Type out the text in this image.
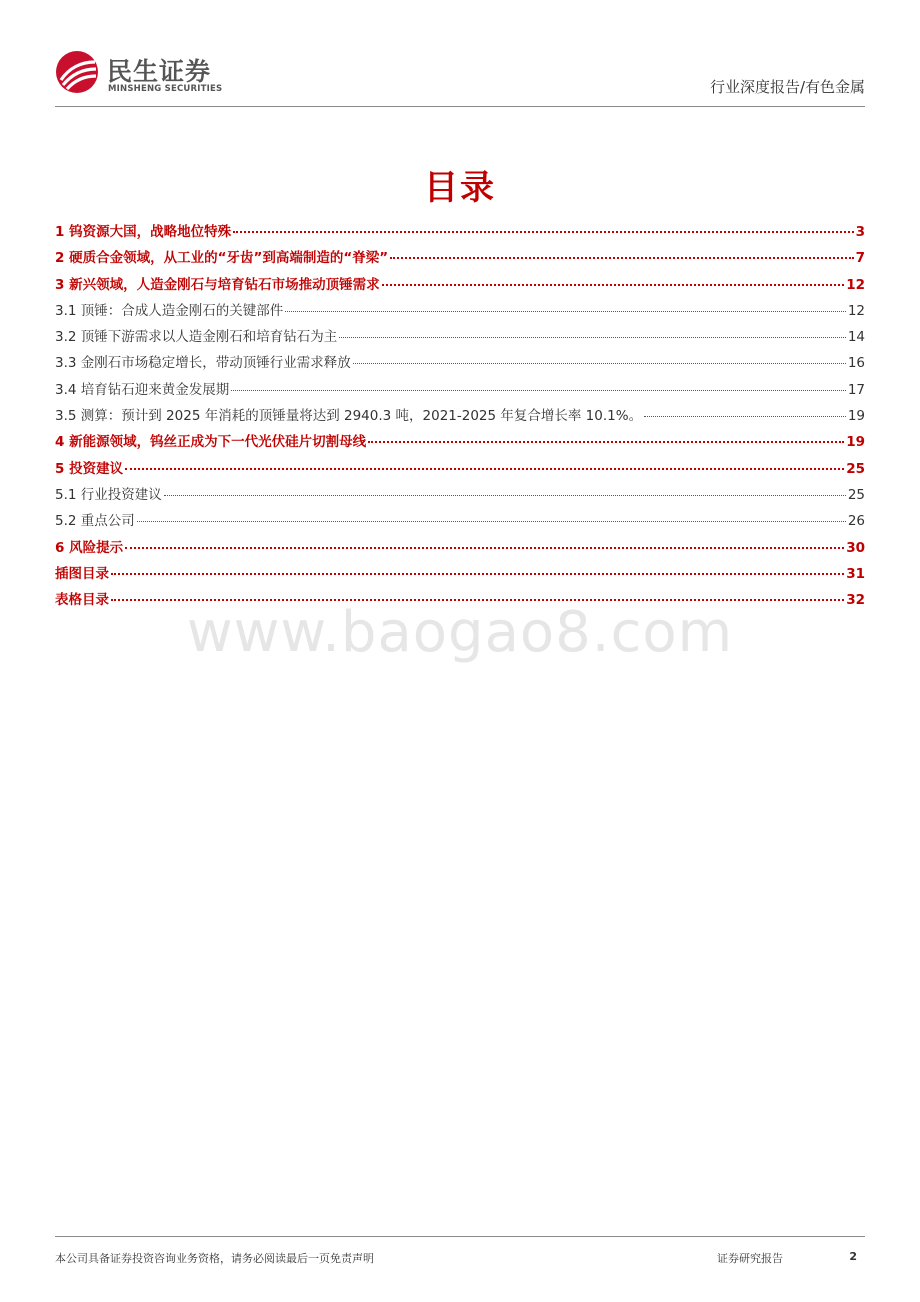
民生证券
MINSHENG SECURITIES	行业深度报告/有色金属
目录
1 钨资源大国，战略地位特殊	3
2 硬质合金领域，从工业的“牙齿”到高端制造的“脊梁”	7
3 新兴领域，人造金刚石与培育钻石市场推动顶锤需求	12
3.1 顶锤：合成人造金刚石的关键部件	12
3.2 顶锤下游需求以人造金刚石和培育钻石为主	14
3.3 金刚石市场稳定增长，带动顶锤行业需求释放	16
3.4 培育钻石迎来黄金发展期	17
3.5 测算：预计到 2025 年消耗的顶锤量将达到 2940.3 吨，2021-2025 年复合增长率 10.1%。	19
4 新能源领域，钨丝正成为下一代光伏硅片切割母线	19
5 投资建议	25
5.1 行业投资建议	25
5.2 重点公司	26
6 风险提示	30
插图目录	31
表格目录	32
www.baogao8.com
本公司具备证券投资咨询业务资格，请务必阅读最后一页免责声明	证券研究报告	2
